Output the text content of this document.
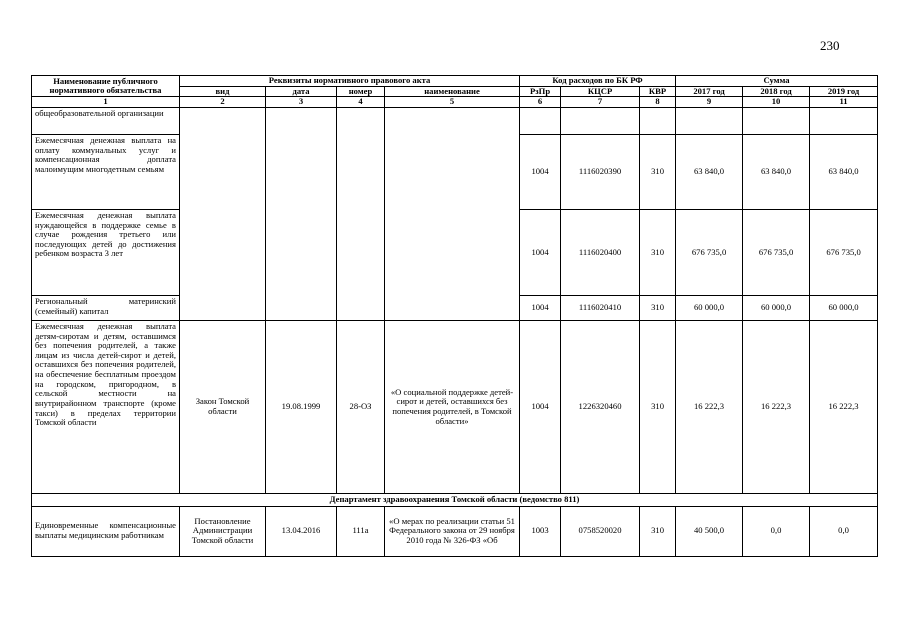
230
Наименование публичного нормативного обязательства	Реквизиты нормативного правового акта				Код расходов по БК РФ			Сумма		
	вид	дата	номер	наименование	РзПр	КЦСР	КВР	2017 год	2018 год	2019 год
1	2	3	4	5	6	7	8	9	10	11
общеобразовательной организации										
Ежемесячная денежная выплата на оплату коммунальных услуг и компенсационная доплата малоимущим многодетным семьям					1004	1116020390	310	63 840,0	63 840,0	63 840,0
Ежемесячная денежная выплата нуждающейся в поддержке семье в случае рождения третьего или последующих детей до достижения ребенком возраста 3 лет					1004	1116020400	310	676 735,0	676 735,0	676 735,0
Региональный материнский (семейный) капитал					1004	1116020410	310	60 000,0	60 000,0	60 000,0
Ежемесячная денежная выплата детям-сиротам и детям, оставшимся без попечения родителей, а также лицам из числа детей-сирот и детей, оставшихся без попечения родителей, на обеспечение бесплатным проездом на городском, пригородном, в сельской местности на внутрирайонном транспорте (кроме такси) в пределах территории Томской области	Закон Томской области	19.08.1999	28-ОЗ	«О социальной поддержке детей-сирот и детей, оставшихся без попечения родителей, в Томской области»	1004	1226320460	310	16 222,3	16 222,3	16 222,3
Департамент здравоохранения Томской области (ведомство 811)										
Единовременные компенсационные выплаты медицинским работникам	Постановление Администрации Томской области	13.04.2016	111а	«О мерах по реализации статьи 51 Федерального закона от 29 ноября 2010 года № 326-ФЗ «Об	1003	0758520020	310	40 500,0	0,0	0,0
